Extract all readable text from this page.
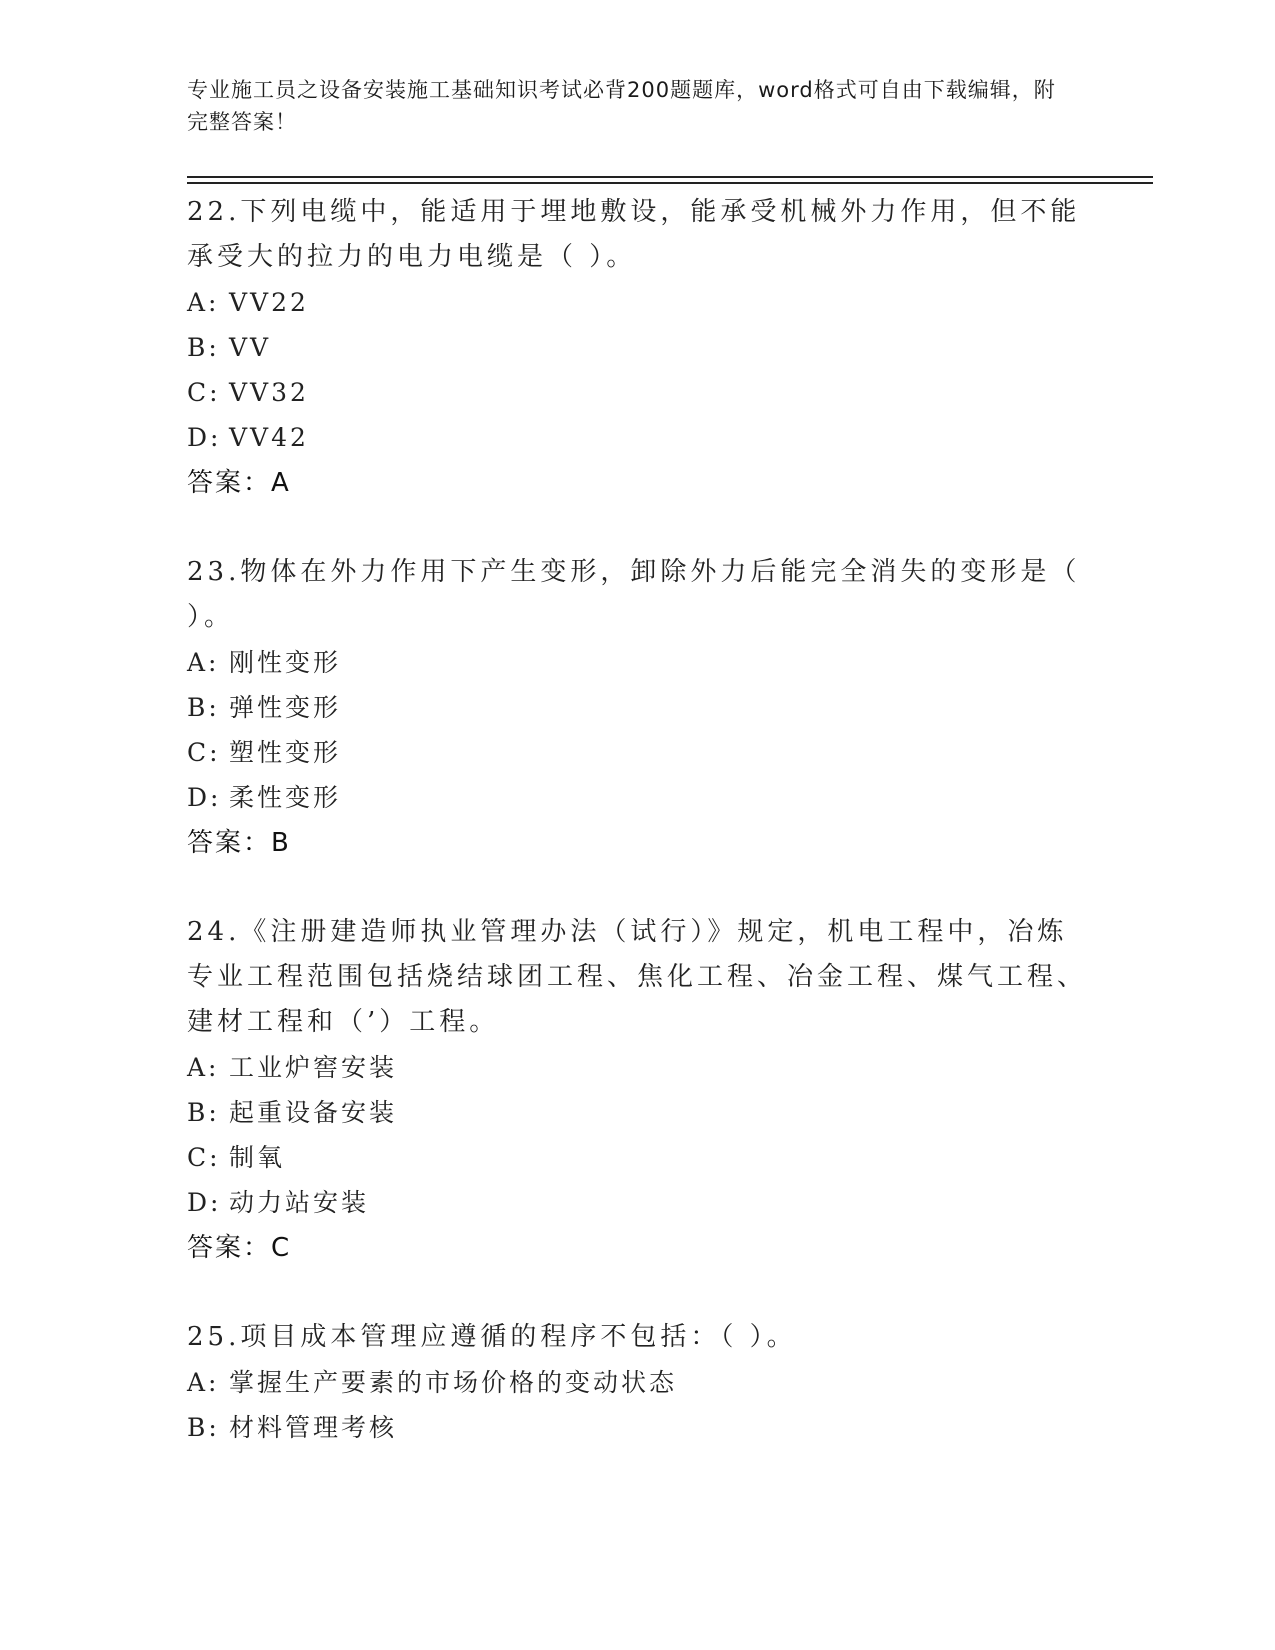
专业施工员之设备安装施工基础知识考试必背200题题库，word格式可自由下载编辑，附完整答案！

22.下列电缆中，能适用于埋地敷设，能承受机械外力作用，但不能承受大的拉力的电力电缆是（ ）。

A: VV22
B: VV
C: VV32
D: VV42
答案：A

23.物体在外力作用下产生变形，卸除外力后能完全消失的变形是（ ）。

A: 刚性变形
B: 弹性变形
C: 塑性变形
D: 柔性变形
答案：B

24.《注册建造师执业管理办法（试行）》规定，机电工程中，冶炼专业工程范围包括烧结球团工程、焦化工程、冶金工程、煤气工程、建材工程和（’）工程。

A: 工业炉窖安装
B: 起重设备安装
C: 制氧
D: 动力站安装
答案：C

25.项目成本管理应遵循的程序不包括：（ ）。

A: 掌握生产要素的市场价格的变动状态
B: 材料管理考核
